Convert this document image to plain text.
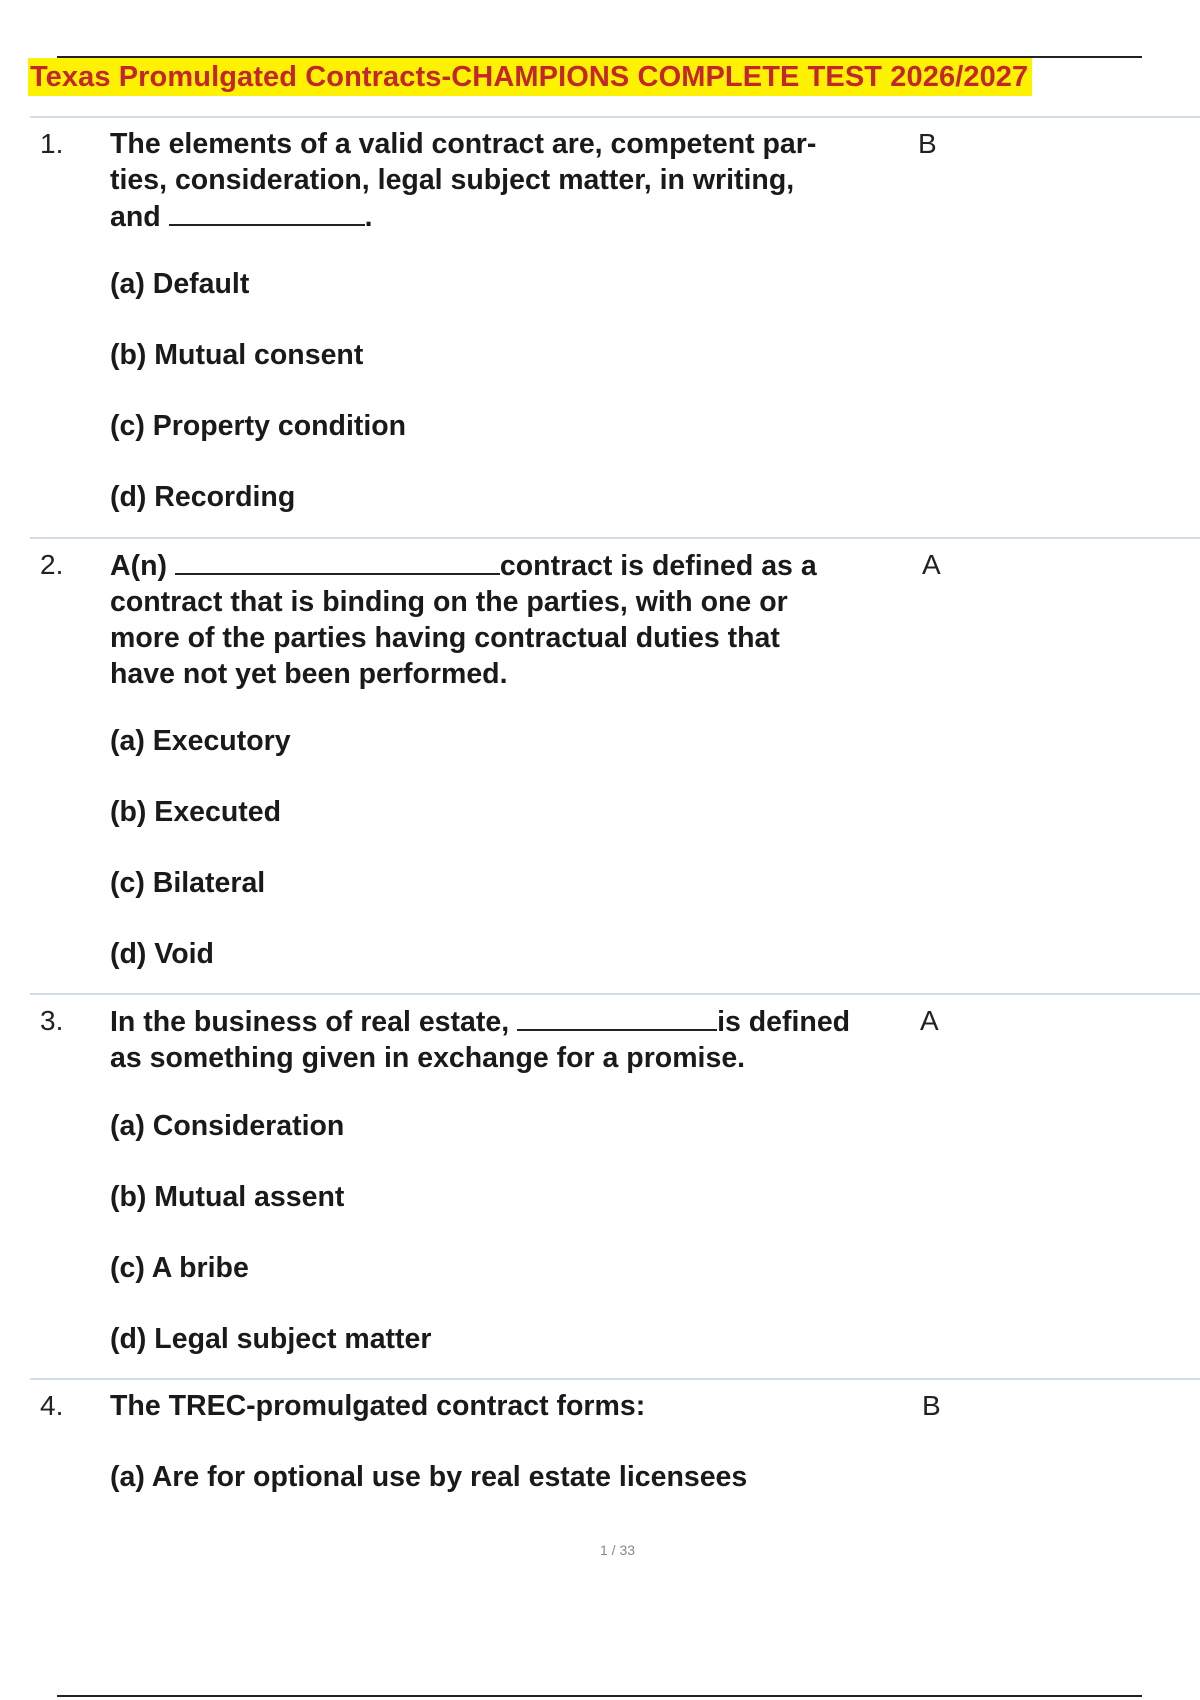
Texas Promulgated Contracts-CHAMPIONS COMPLETE TEST 2026/2027
1. The elements of a valid contract are, competent par-
ties, consideration, legal subject matter, in writing,
and	.
B
(a) Default
(b) Mutual consent
(c) Property condition
(d) Recording
2. A(n)	contract is defined as a
contract that is binding on the parties, with one or
more of the parties having contractual duties that
have not yet been performed.
A
(a) Executory
(b) Executed
(c) Bilateral
(d) Void
3. In the business of real estate,	is defined
as something given in exchange for a promise.
A
(a) Consideration
(b) Mutual assent
(c) A bribe
(d) Legal subject matter
4. The TREC-promulgated contract forms:	B
(a) Are for optional use by real estate licensees
1 / 33
